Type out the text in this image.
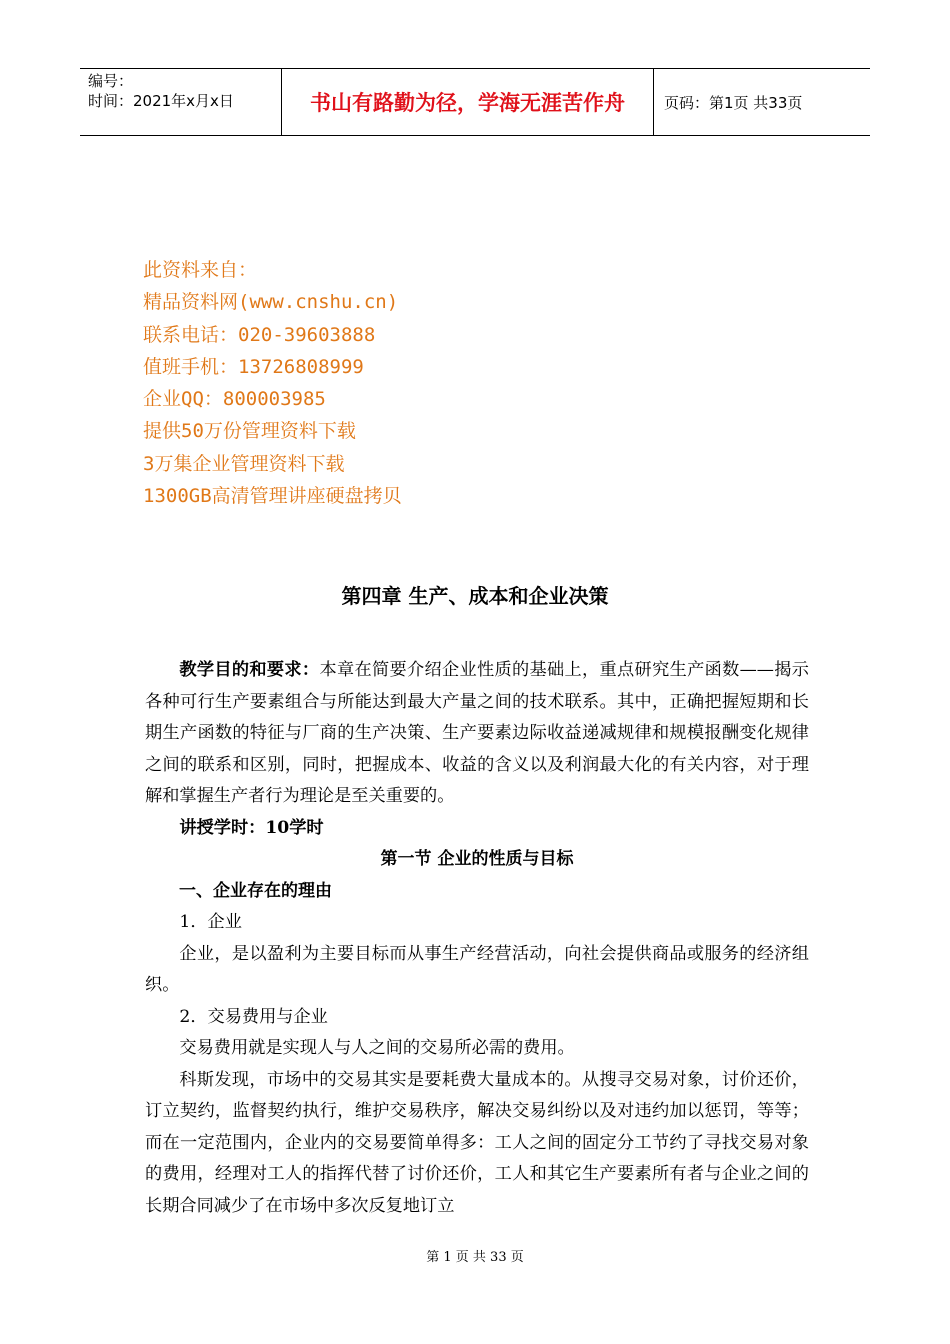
编号：
时间：2021年x月x日	书山有路勤为径，学海无涯苦作舟	页码：第1页 共33页
此资料来自：
精品资料网(www.cnshu.cn)
联系电话：020-39603888
值班手机：13726808999
企业QQ：800003985
提供50万份管理资料下载
3万集企业管理资料下载
1300GB高清管理讲座硬盘拷贝
第四章 生产、成本和企业决策
教学目的和要求：本章在简要介绍企业性质的基础上，重点研究生产函数——揭示各种可行生产要素组合与所能达到最大产量之间的技术联系。其中，正确把握短期和长期生产函数的特征与厂商的生产决策、生产要素边际收益递减规律和规模报酬变化规律之间的联系和区别，同时，把握成本、收益的含义以及利润最大化的有关内容，对于理解和掌握生产者行为理论是至关重要的。
讲授学时：10学时
第一节 企业的性质与目标
一、企业存在的理由
1．企业
企业，是以盈利为主要目标而从事生产经营活动，向社会提供商品或服务的经济组织。
2．交易费用与企业
交易费用就是实现人与人之间的交易所必需的费用。
科斯发现，市场中的交易其实是要耗费大量成本的。从搜寻交易对象，讨价还价，订立契约，监督契约执行，维护交易秩序，解决交易纠纷以及对违约加以惩罚，等等；而在一定范围内，企业内的交易要简单得多：工人之间的固定分工节约了寻找交易对象的费用，经理对工人的指挥代替了讨价还价，工人和其它生产要素所有者与企业之间的长期合同减少了在市场中多次反复地订立
第 1 页 共 33 页
